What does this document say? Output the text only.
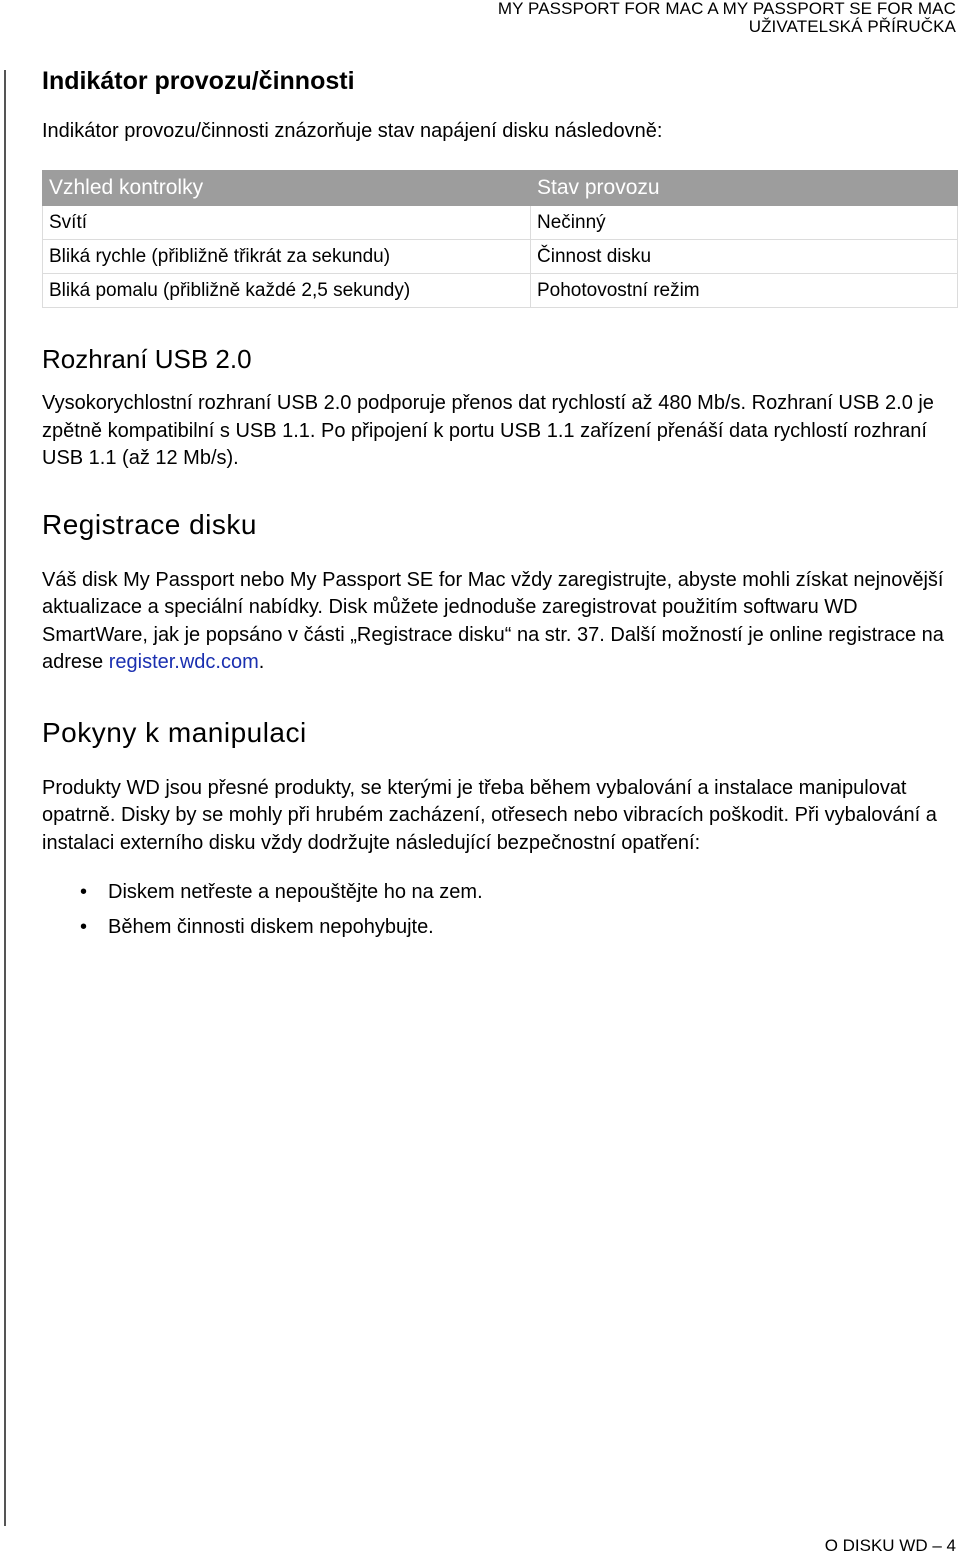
MY PASSPORT FOR MAC A MY PASSPORT SE FOR MAC
UŽIVATELSKÁ PŘÍRUČKA
Indikátor provozu/činnosti

Indikátor provozu/činnosti znázorňuje stav napájení disku následovně:

Vzhled kontrolky	Stav provozu
Svítí	Nečinný
Bliká rychle (přibližně třikrát za sekundu)	Činnost disku
Bliká pomalu (přibližně každé 2,5 sekundy)	Pohotovostní režim
Rozhraní USB 2.0

Vysokorychlostní rozhraní USB 2.0 podporuje přenos dat rychlostí až 480 Mb/s. Rozhraní USB 2.0 je zpětně kompatibilní s USB 1.1. Po připojení k portu USB 1.1 zařízení přenáší data rychlostí rozhraní USB 1.1 (až 12 Mb/s).

Registrace disku

Váš disk My Passport nebo My Passport SE for Mac vždy zaregistrujte, abyste mohli získat nejnovější aktualizace a speciální nabídky. Disk můžete jednoduše zaregistrovat použitím softwaru WD SmartWare, jak je popsáno v části „Registrace disku“ na str. 37. Další možností je online registrace na adrese register.wdc.com.

Pokyny k manipulaci

Produkty WD jsou přesné produkty, se kterými je třeba během vybalování a instalace manipulovat opatrně. Disky by se mohly při hrubém zacházení, otřesech nebo vibracích poškodit. Při vybalování a instalaci externího disku vždy dodržujte následující bezpečnostní opatření:

• Diskem netřeste a nepouštějte ho na zem.
• Během činnosti diskem nepohybujte.
O DISKU WD – 4
